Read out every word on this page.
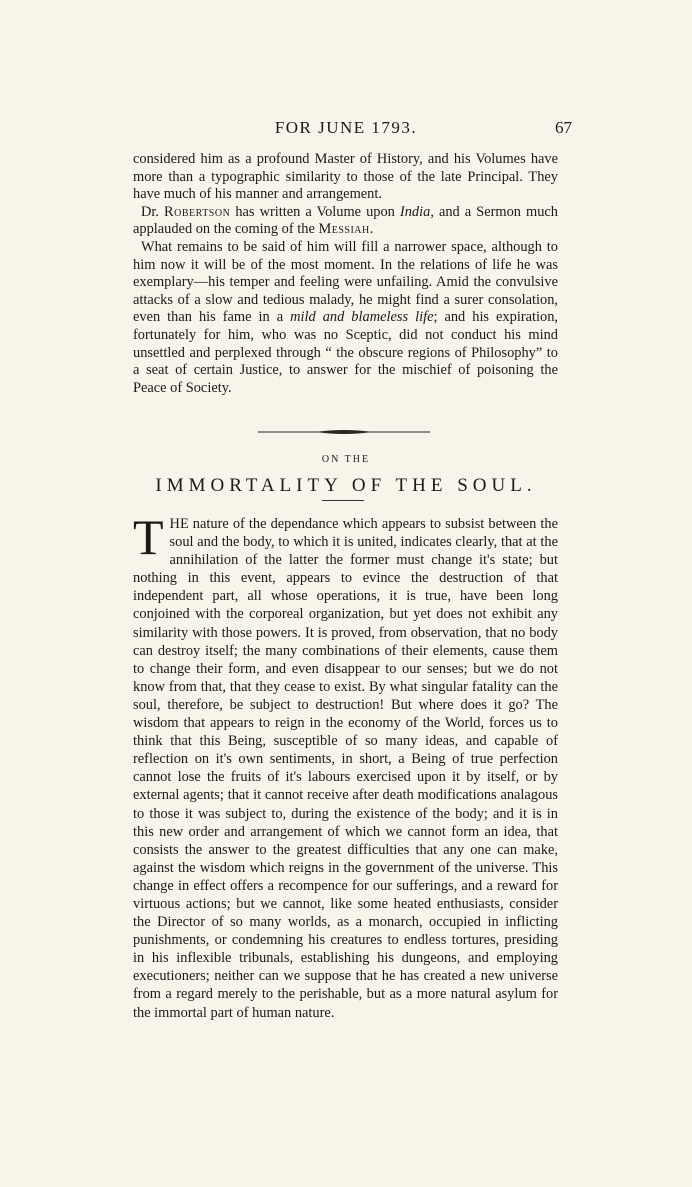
FOR JUNE 1793.	67

considered him as a profound Master of History, and his Volumes have more than a typographic similarity to those of the late Principal. They have much of his manner and arrangement.

Dr. Robertson has written a Volume upon India, and a Sermon much applauded on the coming of the Messiah.

What remains to be said of him will fill a narrower space, although to him now it will be of the most moment. In the relations of life he was exemplary—his temper and feeling were unfailing. Amid the convulsive attacks of a slow and tedious malady, he might find a surer consolation, even than his fame in a mild and blameless life; and his expiration, fortunately for him, who was no Sceptic, did not conduct his mind unsettled and perplexed through “ the obscure regions of Philosophy” to a seat of certain Justice, to answer for the mischief of poisoning the Peace of Society.

ON THE
IMMORTALITY OF THE SOUL.

THE nature of the dependance which appears to subsist between the soul and the body, to which it is united, indicates clearly, that at the annihilation of the latter the former must change it's state; but nothing in this event, appears to evince the destruction of that independent part, all whose operations, it is true, have been long conjoined with the corporeal organization, but yet does not exhibit any similarity with those powers. It is proved, from observation, that no body can destroy itself; the many combinations of their elements, cause them to change their form, and even disappear to our senses; but we do not know from that, that they cease to exist. By what singular fatality can the soul, therefore, be subject to destruction! But where does it go? The wisdom that appears to reign in the economy of the World, forces us to think that this Being, susceptible of so many ideas, and capable of reflection on it's own sentiments, in short, a Being of true perfection cannot lose the fruits of it's labours exercised upon it by itself, or by external agents; that it cannot receive after death modifications analagous to those it was subject to, during the existence of the body; and it is in this new order and arrangement of which we cannot form an idea, that consists the answer to the greatest difficulties that any one can make, against the wisdom which reigns in the government of the universe. This change in effect offers a recompence for our sufferings, and a reward for virtuous actions; but we cannot, like some heated enthusiasts, consider the Director of so many worlds, as a monarch, occupied in inflicting punishments, or condemning his creatures to endless tortures, presiding in his inflexible tribunals, establishing his dungeons, and employing executioners; neither can we suppose that he has created a new universe from a regard merely to the perishable, but as a more natural asylum for the immortal part of human nature.
